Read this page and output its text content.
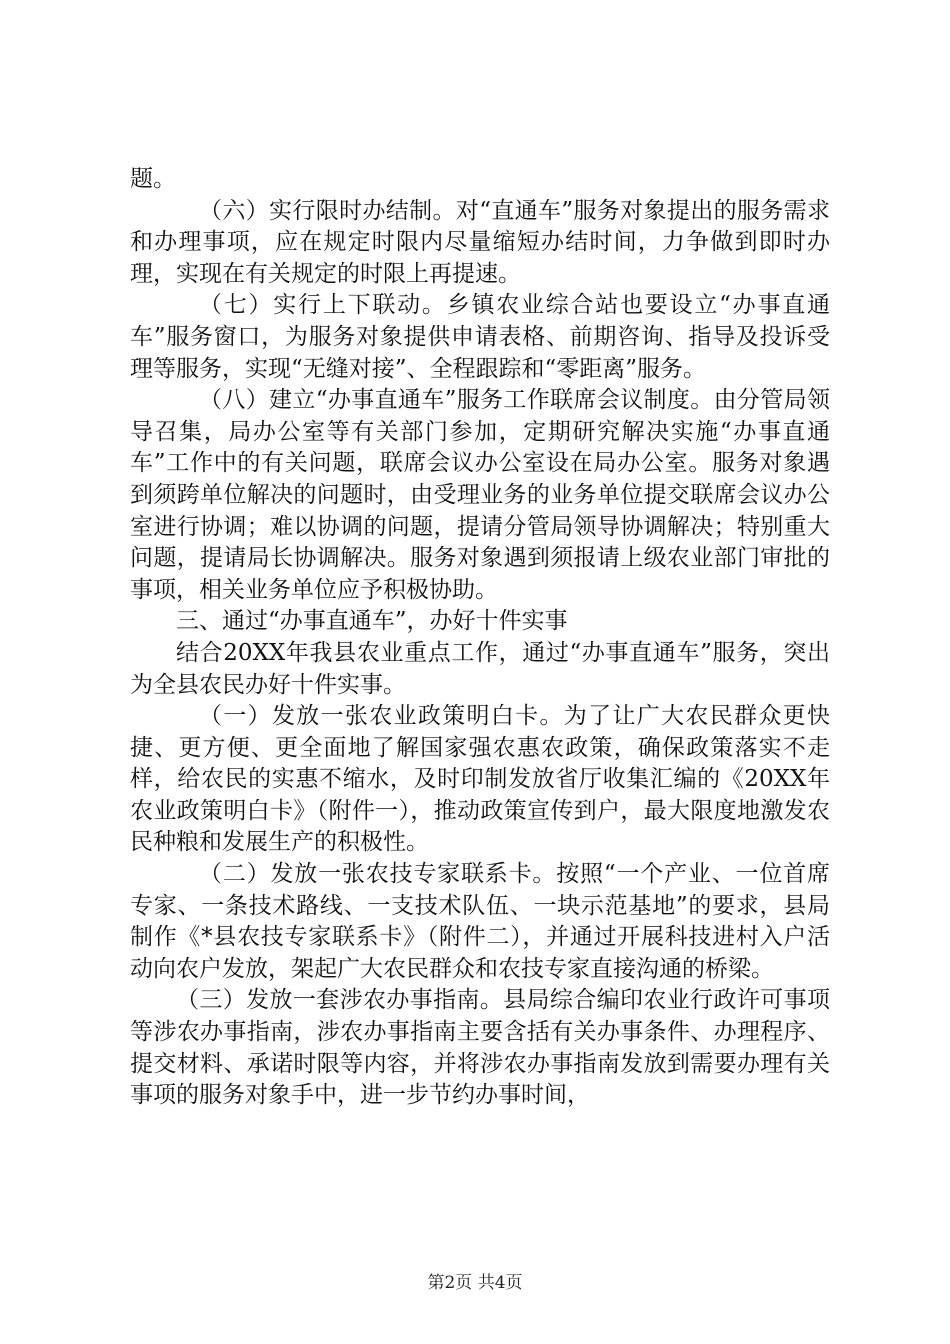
题。

（六）实行限时办结制。对“直通车”服务对象提出的服务需求和办理事项，应在规定时限内尽量缩短办结时间，力争做到即时办理，实现在有关规定的时限上再提速。

（七）实行上下联动。乡镇农业综合站也要设立“办事直通车”服务窗口，为服务对象提供申请表格、前期咨询、指导及投诉受理等服务，实现“无缝对接”、全程跟踪和“零距离”服务。

（八）建立“办事直通车”服务工作联席会议制度。由分管局领导召集，局办公室等有关部门参加，定期研究解决实施“办事直通车”工作中的有关问题，联席会议办公室设在局办公室。服务对象遇到须跨单位解决的问题时，由受理业务的业务单位提交联席会议办公室进行协调；难以协调的问题，提请分管局领导协调解决；特别重大问题，提请局长协调解决。服务对象遇到须报请上级农业部门审批的事项，相关业务单位应予积极协助。

三、通过“办事直通车”，办好十件实事

结合20XX年我县农业重点工作，通过“办事直通车”服务，突出为全县农民办好十件实事。

（一）发放一张农业政策明白卡。为了让广大农民群众更快捷、更方便、更全面地了解国家强农惠农政策，确保政策落实不走样，给农民的实惠不缩水，及时印制发放省厅收集汇编的《20XX年农业政策明白卡》（附件一），推动政策宣传到户，最大限度地激发农民种粮和发展生产的积极性。

（二）发放一张农技专家联系卡。按照“一个产业、一位首席专家、一条技术路线、一支技术队伍、一块示范基地”的要求，县局制作《*县农技专家联系卡》（附件二），并通过开展科技进村入户活动向农户发放，架起广大农民群众和农技专家直接沟通的桥梁。

（三）发放一套涉农办事指南。县局综合编印农业行政许可事项等涉农办事指南，涉农办事指南主要含括有关办事条件、办理程序、提交材料、承诺时限等内容，并将涉农办事指南发放到需要办理有关事项的服务对象手中，进一步节约办事时间，

第2页 共4页
